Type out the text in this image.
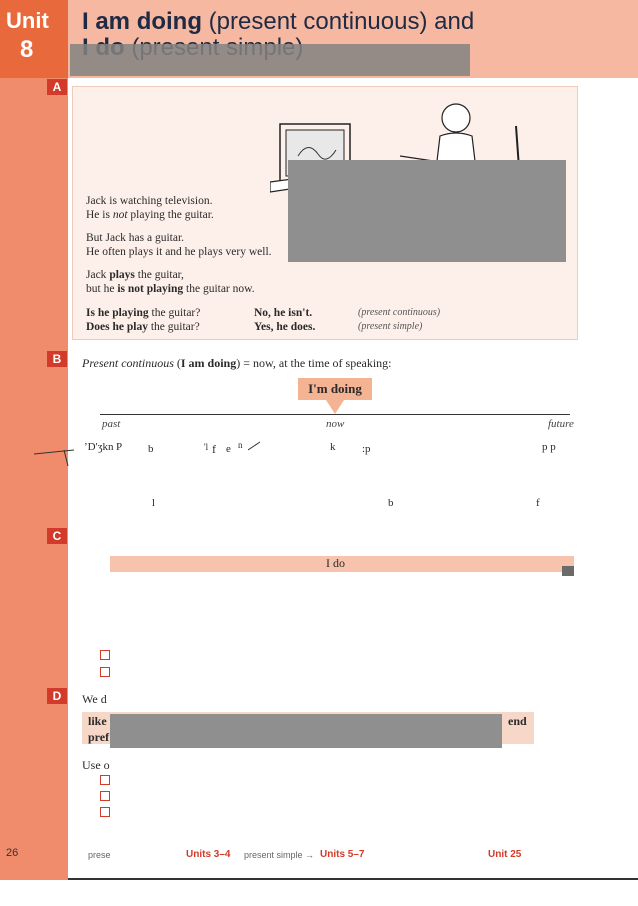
Unit
8
I am doing (present continuous) and
A
B
C
D
Jack is watching television.
He is not playing the guitar.
But Jack has a guitar.
He often plays it and he plays very well.
Jack plays the guitar,
but he is not playing the guitar now.
Is he playing the guitar?	No, he isn't.	(present continuous)
Does he play the guitar?	Yes, he does.	(present simple)
Present continuous (I am doing) = now, at the time of speaking:
I'm doing
past	now	future
ʼD'ʒkn P b	'l f e n	k :p	p p
l	b	f
I do
We d
like	end
pref
Use o
26	prese	Units 3–4 present simple → Units 5–7	Unit 25
